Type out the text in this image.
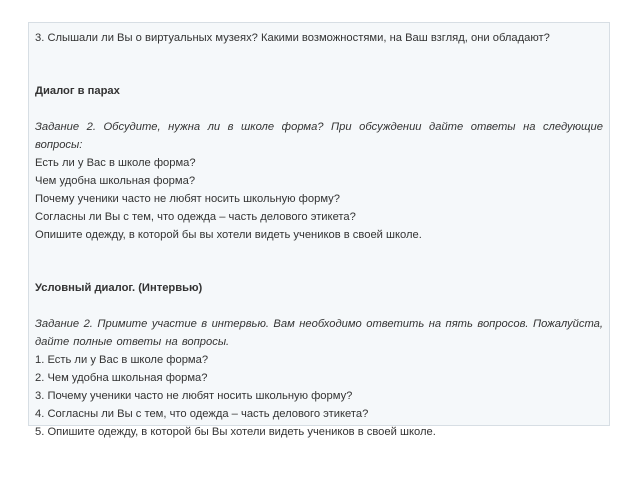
3. Слышали ли Вы о виртуальных музеях? Какими возможностями, на Ваш взгляд, они обладают?
Диалог в парах
Задание 2. Обсудите, нужна ли в школе форма? При обсуждении дайте ответы на следующие вопросы:
Есть ли у Вас в школе форма?
Чем удобна школьная форма?
Почему ученики часто не любят носить школьную форму?
Согласны ли Вы с тем, что одежда – часть делового этикета?
Опишите одежду, в которой бы вы хотели видеть учеников в своей школе.
Условный диалог. (Интервью)
Задание 2. Примите участие в интервью. Вам необходимо ответить на пять вопросов. Пожалуйста, дайте полные ответы на вопросы.
1. Есть ли у Вас в школе форма?
2. Чем удобна школьная форма?
3. Почему ученики часто не любят носить школьную форму?
4. Согласны ли Вы с тем, что одежда – часть делового этикета?
5. Опишите одежду, в которой бы Вы хотели видеть учеников в своей школе.
